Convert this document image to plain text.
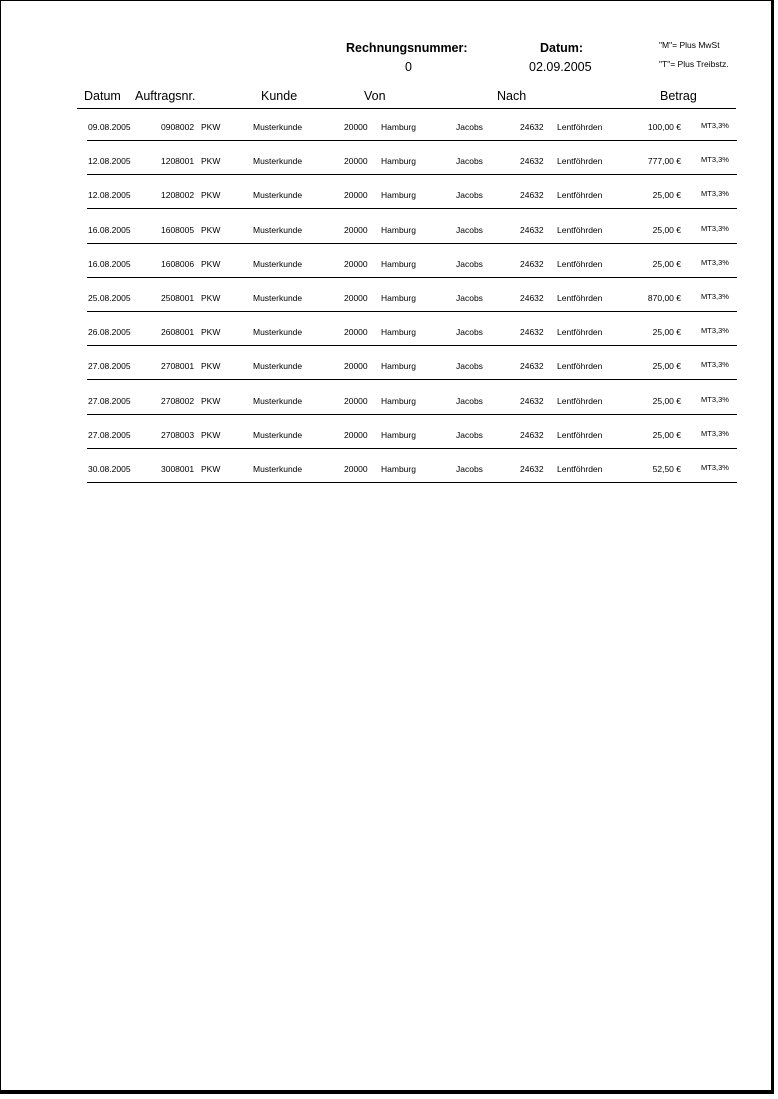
Rechnungsnummer:
0
Datum:
02.09.2005
"M"= Plus MwSt
"T"= Plus Treibstz.
Datum Auftragsnr.	Kunde	Von	Nach	Betrag
09.08.2005	0908002 PKW	Musterkunde	20000 Hamburg	Jacobs	24632 Lentföhrden	100,00 €	MT3,3%
12.08.2005	1208001 PKW	Musterkunde	20000 Hamburg	Jacobs	24632 Lentföhrden	777,00 €	MT3,3%
12.08.2005	1208002 PKW	Musterkunde	20000 Hamburg	Jacobs	24632 Lentföhrden	25,00 €	MT3,3%
16.08.2005	1608005 PKW	Musterkunde	20000 Hamburg	Jacobs	24632 Lentföhrden	25,00 €	MT3,3%
16.08.2005	1608006 PKW	Musterkunde	20000 Hamburg	Jacobs	24632 Lentföhrden	25,00 €	MT3,3%
25.08.2005	2508001 PKW	Musterkunde	20000 Hamburg	Jacobs	24632 Lentföhrden	870,00 €	MT3,3%
26.08.2005	2608001 PKW	Musterkunde	20000 Hamburg	Jacobs	24632 Lentföhrden	25,00 €	MT3,3%
27.08.2005	2708001 PKW	Musterkunde	20000 Hamburg	Jacobs	24632 Lentföhrden	25,00 €	MT3,3%
27.08.2005	2708002 PKW	Musterkunde	20000 Hamburg	Jacobs	24632 Lentföhrden	25,00 €	MT3,3%
27.08.2005	2708003 PKW	Musterkunde	20000 Hamburg	Jacobs	24632 Lentföhrden	25,00 €	MT3,3%
30.08.2005	3008001 PKW	Musterkunde	20000 Hamburg	Jacobs	24632 Lentföhrden	52,50 €	MT3,3%
